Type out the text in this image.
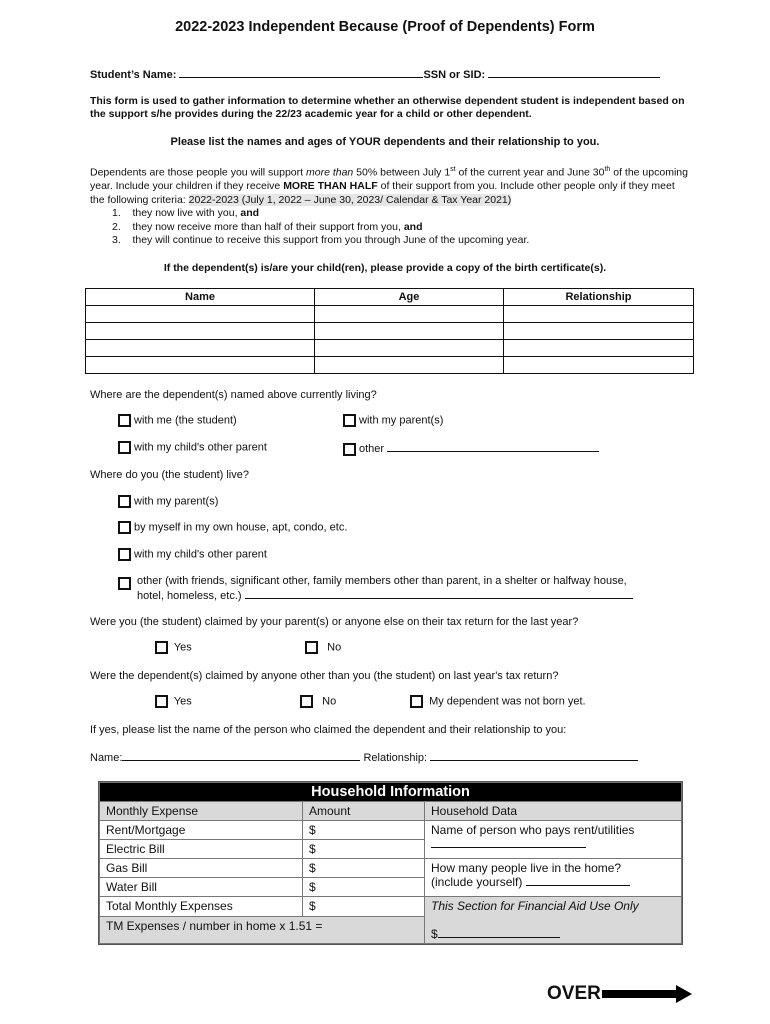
2022-2023 Independent Because (Proof of Dependents) Form
Student’s Name:	SSN or SID:
This form is used to gather information to determine whether an otherwise dependent student is independent based on the support s/he provides during the 22/23 academic year for a child or other dependent.
Please list the names and ages of YOUR dependents and their relationship to you.
Dependents are those people you will support more than 50% between July 1st of the current year and June 30th of the upcoming year. Include your children if they receive MORE THAN HALF of their support from you. Include other people only if they meet the following criteria: 2022-2023 (July 1, 2022 – June 30, 2023/ Calendar & Tax Year 2021)
1. they now live with you, and
2. they now receive more than half of their support from you, and
3. they will continue to receive this support from you through June of the upcoming year.
If the dependent(s) is/are your child(ren), please provide a copy of the birth certificate(s).
Name	Age	Relationship

Where are the dependent(s) named above currently living?
with me (the student)	with my parent(s)
with my child's other parent	other
Where do you (the student) live?
with my parent(s)
by myself in my own house, apt, condo, etc.
with my child's other parent
other (with friends, significant other, family members other than parent, in a shelter or halfway house,
hotel, homeless, etc.)
Were you (the student) claimed by your parent(s) or anyone else on their tax return for the last year?
Yes	No
Were the dependent(s) claimed by anyone other than you (the student) on last year's tax return?
Yes	No	My dependent was not born yet.
If yes, please list the name of the person who claimed the dependent and their relationship to you:
Name:	Relationship:
Household Information		
Monthly Expense	Amount	Household Data
Rent/Mortgage	$	Name of person who pays rent/utilities

Electric Bill	$	
Gas Bill	$	How many people live in the home?
(include yourself)
Water Bill	$	
Total Monthly Expenses	$	This Section for Financial Aid Use Only

$
TM Expenses / number in home x 1.51 =		
OVER
